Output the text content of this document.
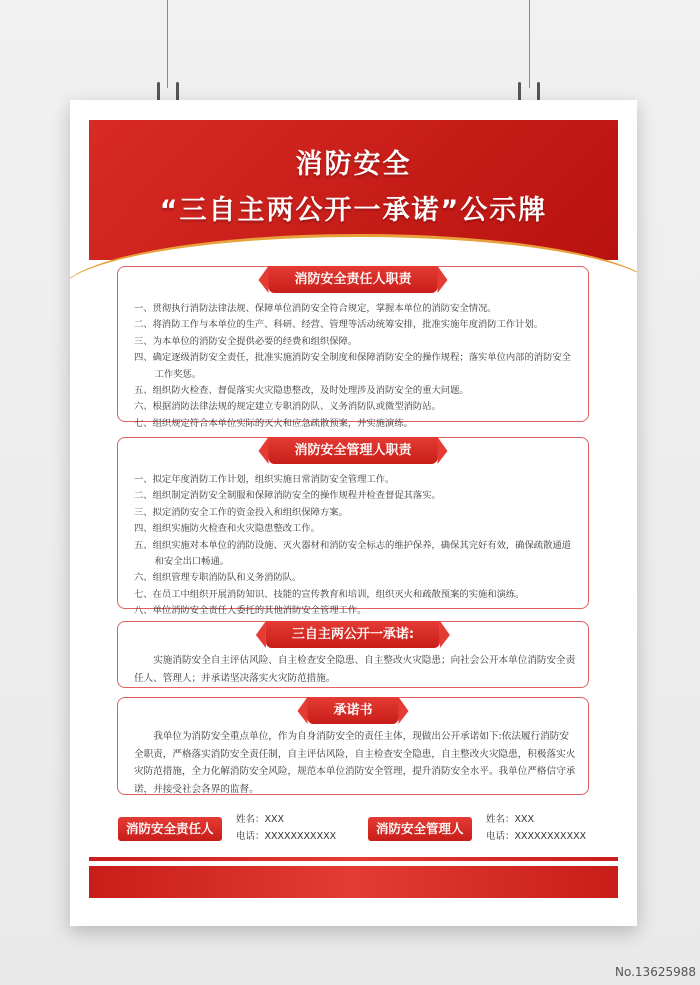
消防安全
“三自主两公开一承诺”公示牌
消防安全责任人职责
一、贯彻执行消防法律法规、保障单位消防安全符合规定，掌握本单位的消防安全情况。
二、将消防工作与本单位的生产、科研、经营、管理等活动统筹安排，批准实施年度消防工作计划。
三、为本单位的消防安全提供必要的经费和组织保障。
四、确定逐级消防安全责任，批准实施消防安全制度和保障消防安全的操作规程；落实单位内部的消防安全
工作奖惩。
五、组织防火检查、督促落实火灾隐患整改，及时处理涉及消防安全的重大问题。
六、根据消防法律法规的规定建立专职消防队、义务消防队或微型消防站。
七、组织规定符合本单位实际的灭火和应急疏散预案，并实施演练。
消防安全管理人职责
一、拟定年度消防工作计划，组织实施日常消防安全管理工作。
二、组织制定消防安全制服和保障消防安全的操作规程并检查督促其落实。
三、拟定消防安全工作的资金投入和组织保障方案。
四、组织实施防火检查和火灾隐患整改工作。
五、组织实施对本单位的消防设施、灭火器材和消防安全标志的维护保养，确保其完好有效，确保疏散通道
和安全出口畅通。
六、组织管理专职消防队和义务消防队。
七、在员工中组织开展消防知识、技能的宣传教育和培训，组织灭火和疏散预案的实施和演练。
八、单位消防安全责任人委托的其他消防安全管理工作。
三自主两公开一承诺:
实施消防安全自主评估风险、自主检查安全隐患、自主整改火灾隐患；向社会公开本单位消防安全责任人、管理人；并承诺坚决落实火灾防范措施。
承诺书
我单位为消防安全重点单位，作为自身消防安全的责任主体，现做出公开承诺如下:依法履行消防安全职责，严格落实消防安全责任制，自主评估风险，自主检查安全隐患，自主整改火灾隐患，积极落实火灾防范措施，全力化解消防安全风险，规范本单位消防安全管理，提升消防安全水平。我单位严格信守承诺，并接受社会各界的监督。
消防安全责任人
姓名：XXX
电话：XXXXXXXXXXX
消防安全管理人
姓名：XXX
电话：XXXXXXXXXXX
No.13625988
